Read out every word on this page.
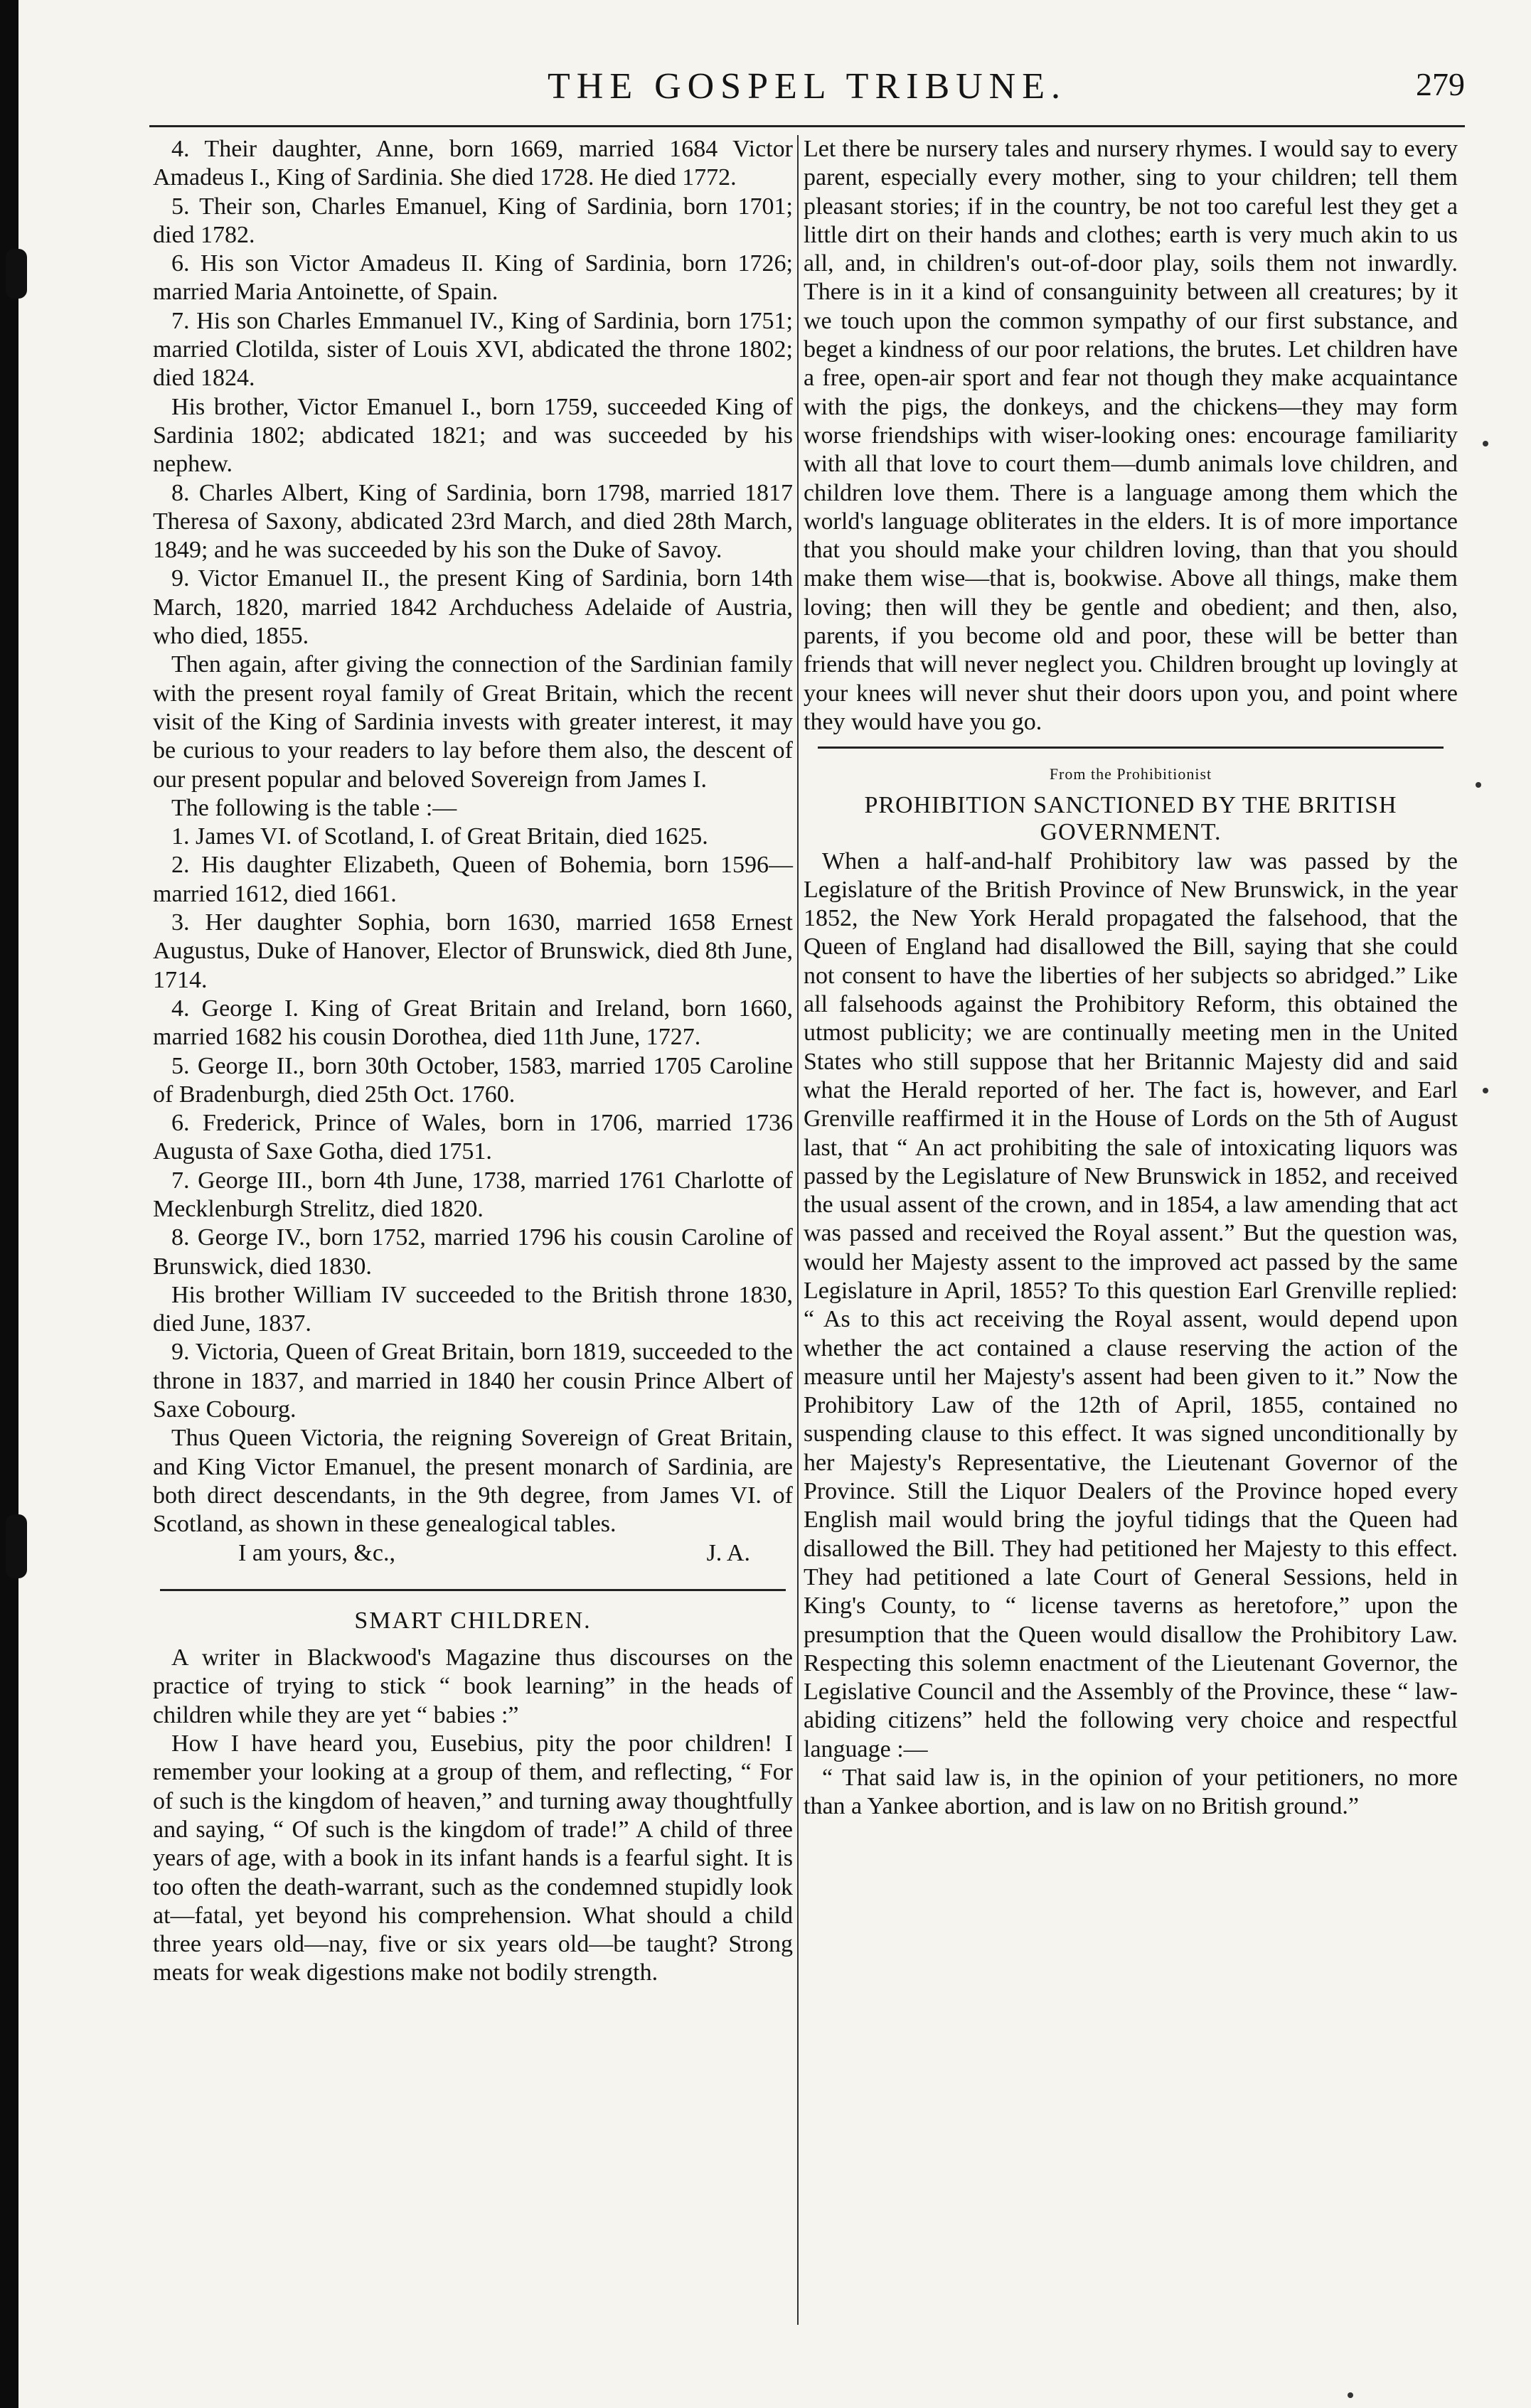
THE GOSPEL TRIBUNE.	279

4. Their daughter, Anne, born 1669, married 1684 Victor Amadeus I., King of Sardinia. She died 1728. He died 1772.

5. Their son, Charles Emanuel, King of Sardinia, born 1701; died 1782.

6. His son Victor Amadeus II. King of Sardinia, born 1726; married Maria Antoinette, of Spain.

7. His son Charles Emmanuel IV., King of Sardinia, born 1751; married Clotilda, sister of Louis XVI, abdicated the throne 1802; died 1824.

His brother, Victor Emanuel I., born 1759, succeeded King of Sardinia 1802; abdicated 1821; and was succeeded by his nephew.

8. Charles Albert, King of Sardinia, born 1798, married 1817 Theresa of Saxony, abdicated 23rd March, and died 28th March, 1849; and he was succeeded by his son the Duke of Savoy.

9. Victor Emanuel II., the present King of Sardinia, born 14th March, 1820, married 1842 Archduchess Adelaide of Austria, who died, 1855.

Then again, after giving the connection of the Sardinian family with the present royal family of Great Britain, which the recent visit of the King of Sardinia invests with greater interest, it may be curious to your readers to lay before them also, the descent of our present popular and beloved Sovereign from James I.

The following is the table :—

1. James VI. of Scotland, I. of Great Britain, died 1625.

2. His daughter Elizabeth, Queen of Bohemia, born 1596—married 1612, died 1661.

3. Her daughter Sophia, born 1630, married 1658 Ernest Augustus, Duke of Hanover, Elector of Brunswick, died 8th June, 1714.

4. George I. King of Great Britain and Ireland, born 1660, married 1682 his cousin Dorothea, died 11th June, 1727.

5. George II., born 30th October, 1583, married 1705 Caroline of Bradenburgh, died 25th Oct. 1760.

6. Frederick, Prince of Wales, born in 1706, married 1736 Augusta of Saxe Gotha, died 1751.

7. George III., born 4th June, 1738, married 1761 Charlotte of Mecklenburgh Strelitz, died 1820.

8. George IV., born 1752, married 1796 his cousin Caroline of Brunswick, died 1830.

His brother William IV succeeded to the British throne 1830, died June, 1837.

9. Victoria, Queen of Great Britain, born 1819, succeeded to the throne in 1837, and married in 1840 her cousin Prince Albert of Saxe Cobourg.

Thus Queen Victoria, the reigning Sovereign of Great Britain, and King Victor Emanuel, the present monarch of Sardinia, are both direct descendants, in the 9th degree, from James VI. of Scotland, as shown in these genealogical tables.

I am yours, &c.,	J. A.

SMART CHILDREN.

A writer in Blackwood's Magazine thus discourses on the practice of trying to stick “ book learning” in the heads of children while they are yet “ babies :”

How I have heard you, Eusebius, pity the poor children! I remember your looking at a group of them, and reflecting, “ For of such is the kingdom of heaven,” and turning away thoughtfully and saying, “ Of such is the kingdom of trade!” A child of three years of age, with a book in its infant hands is a fearful sight. It is too often the death-warrant, such as the condemned stupidly look at—fatal, yet beyond his comprehension. What should a child three years old—nay, five or six years old—be taught? Strong meats for weak digestions make not bodily strength.

Let there be nursery tales and nursery rhymes. I would say to every parent, especially every mother, sing to your children; tell them pleasant stories; if in the country, be not too careful lest they get a little dirt on their hands and clothes; earth is very much akin to us all, and, in children's out-of-door play, soils them not inwardly. There is in it a kind of consanguinity between all creatures; by it we touch upon the common sympathy of our first substance, and beget a kindness of our poor relations, the brutes. Let children have a free, open-air sport and fear not though they make acquaintance with the pigs, the donkeys, and the chickens—they may form worse friendships with wiser-looking ones: encourage familiarity with all that love to court them—dumb animals love children, and children love them. There is a language among them which the world's language obliterates in the elders. It is of more importance that you should make your children loving, than that you should make them wise—that is, bookwise. Above all things, make them loving; then will they be gentle and obedient; and then, also, parents, if you become old and poor, these will be better than friends that will never neglect you. Children brought up lovingly at your knees will never shut their doors upon you, and point where they would have you go.

From the Prohibitionist
PROHIBITION SANCTIONED BY THE BRITISH GOVERNMENT.

When a half-and-half Prohibitory law was passed by the Legislature of the British Province of New Brunswick, in the year 1852, the New York Herald propagated the falsehood, that the Queen of England had disallowed the Bill, saying that she could not consent to have the liberties of her subjects so abridged.” Like all falsehoods against the Prohibitory Reform, this obtained the utmost publicity; we are continually meeting men in the United States who still suppose that her Britannic Majesty did and said what the Herald reported of her. The fact is, however, and Earl Grenville reaffirmed it in the House of Lords on the 5th of August last, that “ An act prohibiting the sale of intoxicating liquors was passed by the Legislature of New Brunswick in 1852, and received the usual assent of the crown, and in 1854, a law amending that act was passed and received the Royal assent.” But the question was, would her Majesty assent to the improved act passed by the same Legislature in April, 1855? To this question Earl Grenville replied: “ As to this act receiving the Royal assent, would depend upon whether the act contained a clause reserving the action of the measure until her Majesty's assent had been given to it.” Now the Prohibitory Law of the 12th of April, 1855, contained no suspending clause to this effect. It was signed unconditionally by her Majesty's Representative, the Lieutenant Governor of the Province. Still the Liquor Dealers of the Province hoped every English mail would bring the joyful tidings that the Queen had disallowed the Bill. They had petitioned her Majesty to this effect. They had petitioned a late Court of General Sessions, held in King's County, to “ license taverns as heretofore,” upon the presumption that the Queen would disallow the Prohibitory Law. Respecting this solemn enactment of the Lieutenant Governor, the Legislative Council and the Assembly of the Province, these “ law-abiding citizens” held the following very choice and respectful language :—

“ That said law is, in the opinion of your petitioners, no more than a Yankee abortion, and is law on no British ground.”
